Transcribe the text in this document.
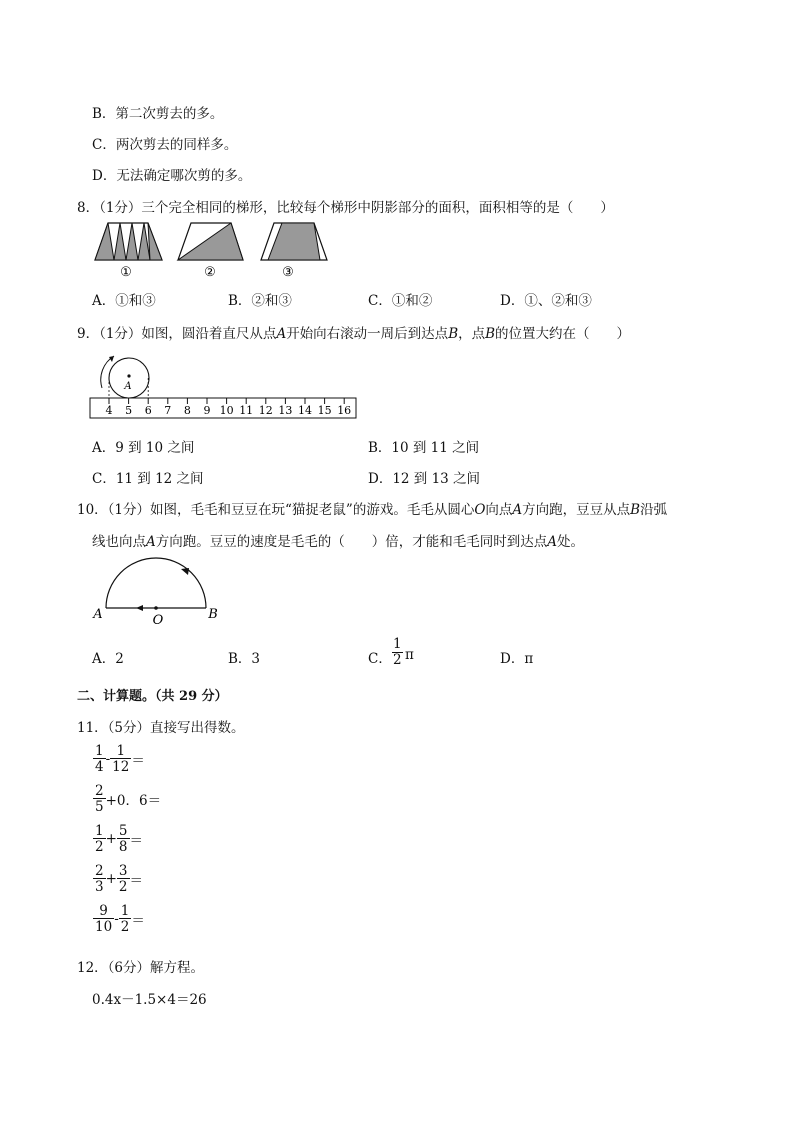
B．第二次剪去的多。
C．两次剪去的同样多。
D．无法确定哪次剪的多。
8．（1分）三个完全相同的梯形，比较每个梯形中阴影部分的面积，面积相等的是（　　）
①	②	③
A．①和③	B．②和③	C．①和②	D．①、②和③
9．（1分）如图，圆沿着直尺从点A开始向右滚动一周后到达点B，点B的位置大约在（　　）
A
4 5 6 7 8 9 10 11 12 13 14 15 16
A．9 到 10 之间	B．10 到 11 之间
C．11 到 12 之间	D．12 到 13 之间
10．（1分）如图，毛毛和豆豆在玩“猫捉老鼠”的游戏。毛毛从圆心O向点A方向跑，豆豆从点B沿弧
线也向点A方向跑。豆豆的速度是毛毛的（　　）倍，才能和毛毛同时到达点A处。
A	O	B
A．2	B．3	C． $\frac{1}{2}$ π	D．π
二、计算题。（共 29 分）
11．（5分）直接写出得数。
1
4 -
1
12 ＝
2
5 +0．6＝
1
$2 + \frac{5}{8}$ ＝
2
$3 + \frac{3}{2}$ ＝
9
10 -
1
2 ＝
12．（6分）解方程。
0.4x－1.5×4＝26
